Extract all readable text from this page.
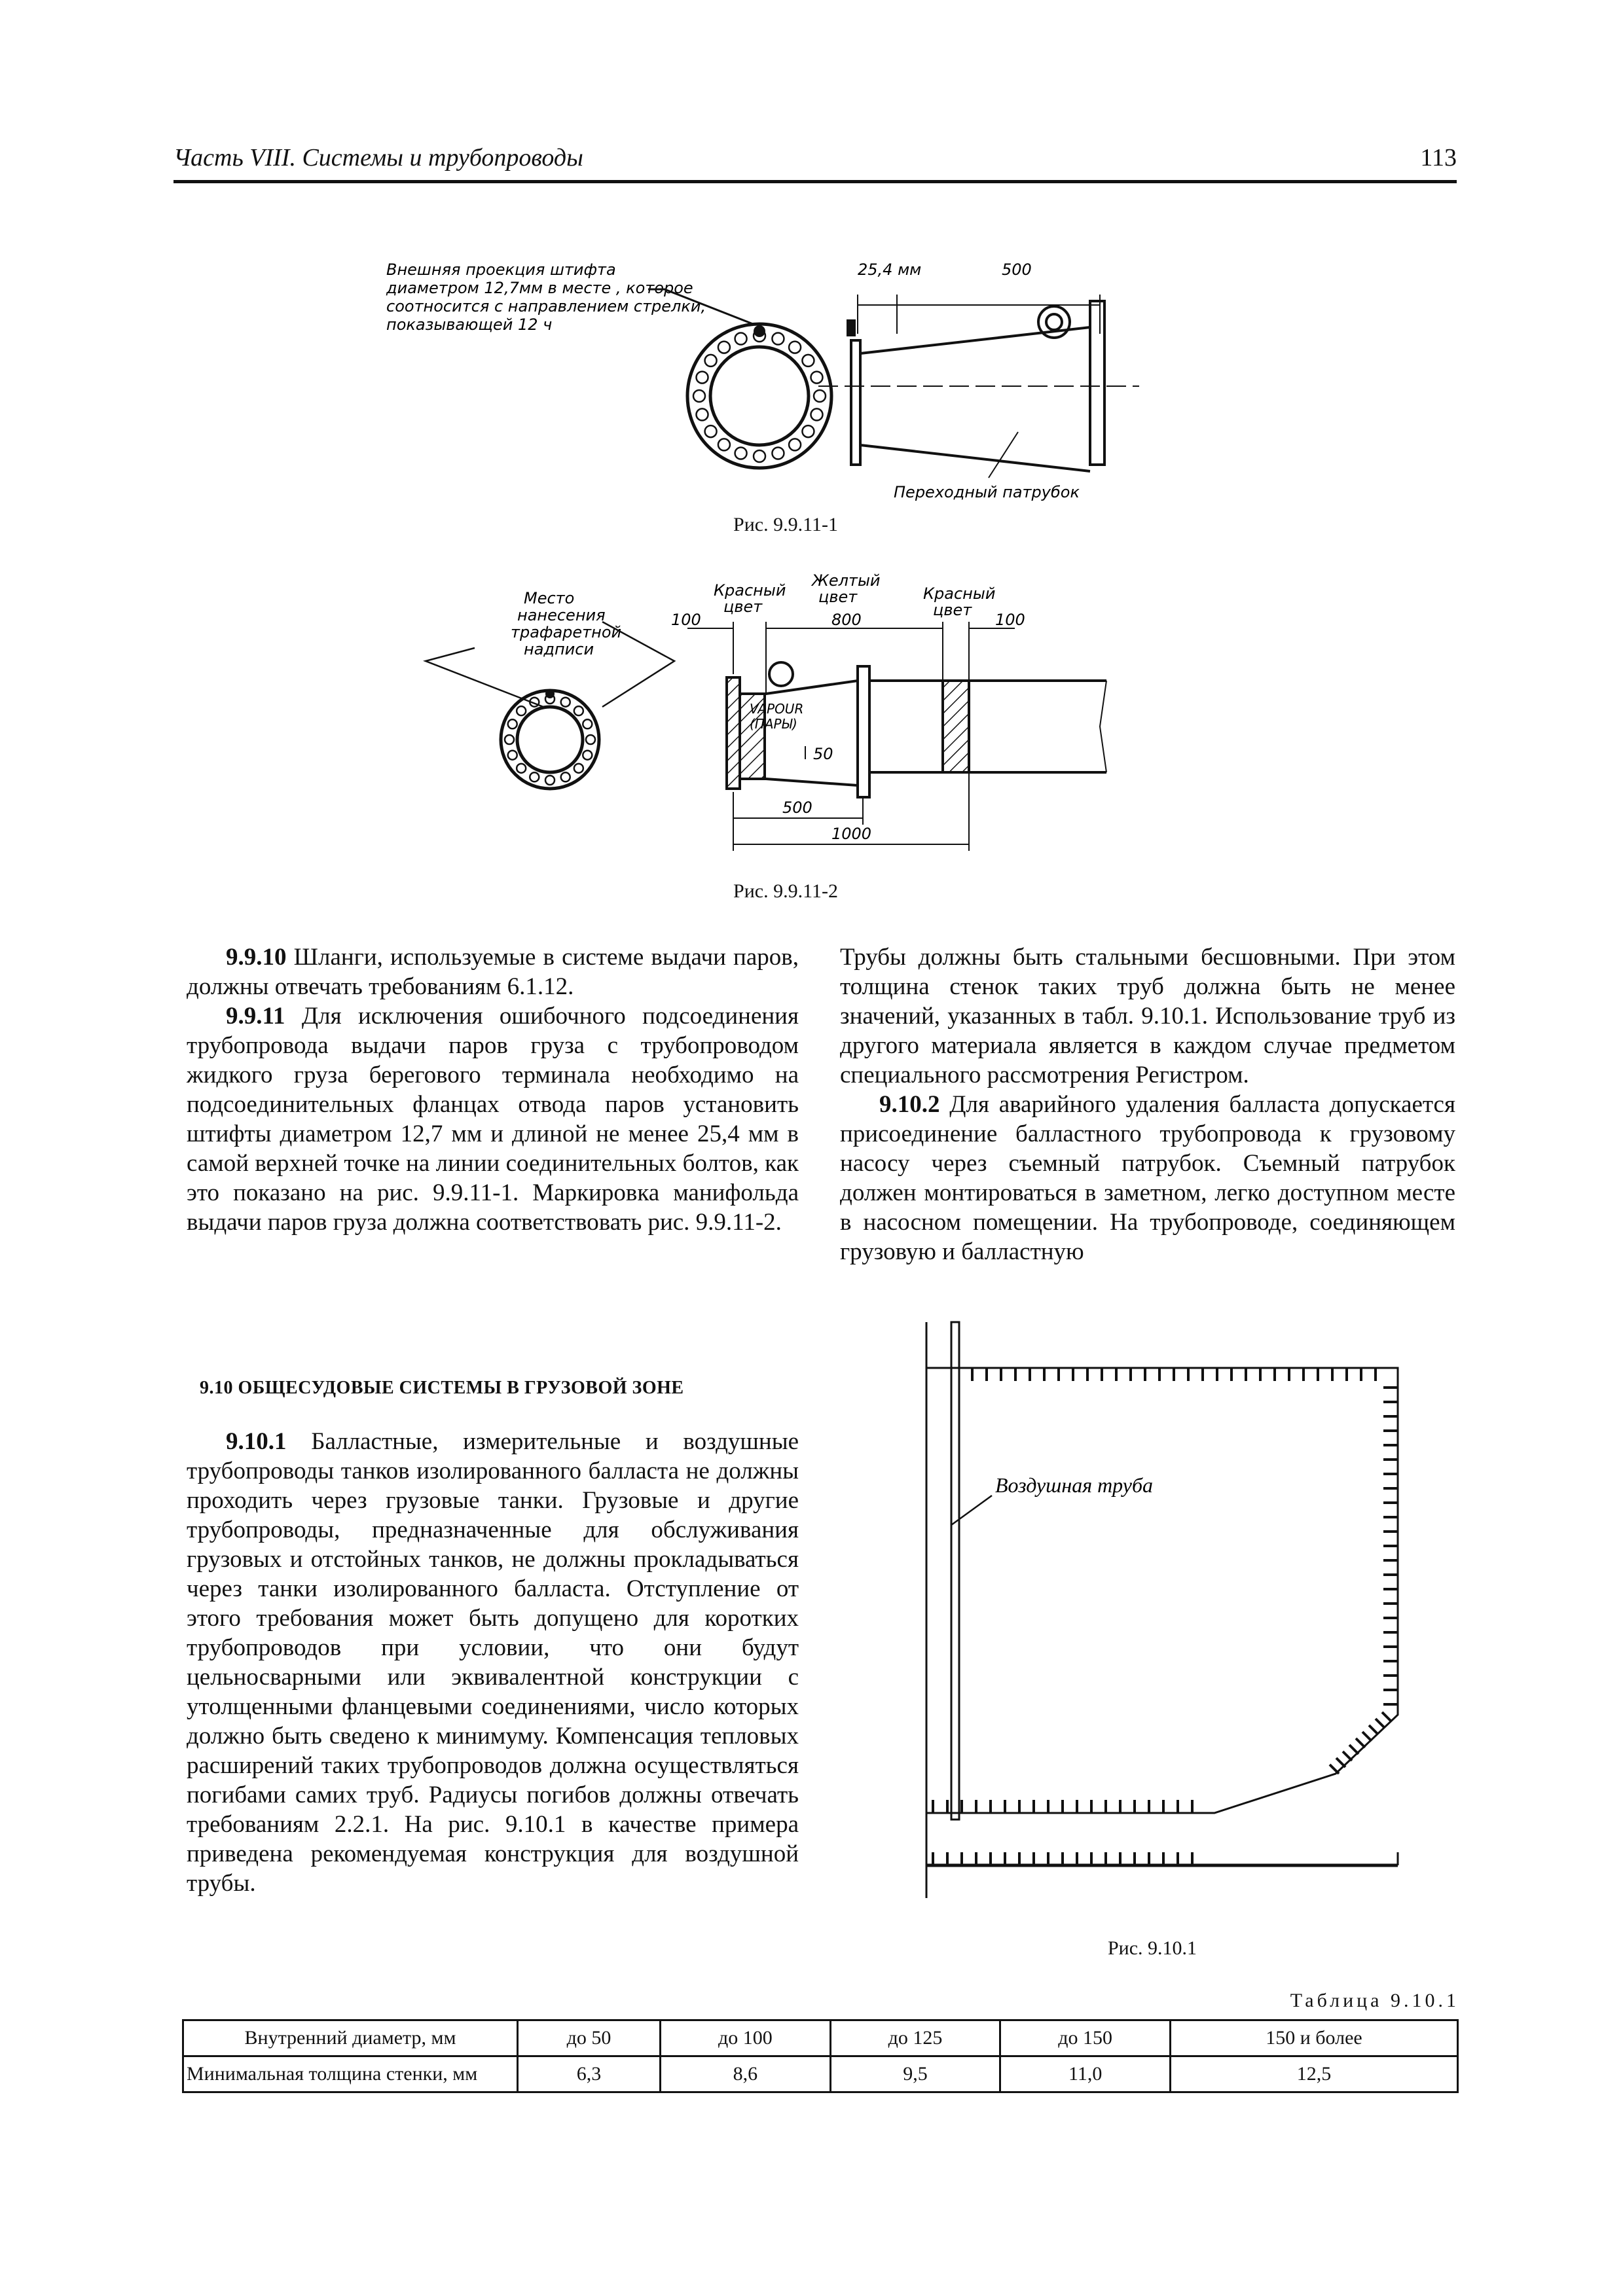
Часть VIII. Системы и трубопроводы	113
Внешняя проекция штифта
диаметром 12,7мм в месте , которое
соотносится с направлением стрелки,
показывающей 12 ч
25,4 мм	500
Переходный патрубок
Рис. 9.9.11-1
Место
нанесения
трафаретной
надписи
Красный
цвет
Желтый
цвет	Красный
цвет
100	800	100
VAPOUR
(ПАРЫ)
50
500
1000
Рис. 9.9.11-2

9.9.10 Шланги, используемые в системе выдачи паров, должны отвечать требованиям 6.1.12.

9.9.11 Для исключения ошибочного подсоединения трубопровода выдачи паров груза с трубопроводом жидкого груза берегового терминала необходимо на подсоединительных фланцах отвода паров установить штифты диаметром 12,7 мм и длиной не менее 25,4 мм в самой верхней точке на линии соединительных болтов, как это показано на рис. 9.9.11-1. Маркировка манифольда выдачи паров груза должна соответствовать рис. 9.9.11-2.

9.10 ОБЩЕСУДОВЫЕ СИСТЕМЫ В ГРУЗОВОЙ ЗОНЕ

9.10.1 Балластные, измерительные и воздушные трубопроводы танков изолированного балласта не должны проходить через грузовые танки. Грузовые и другие трубопроводы, предназначенные для обслуживания грузовых и отстойных танков, не должны прокладываться через танки изолированного балласта. Отступление от этого требования может быть допущено для коротких трубопроводов при условии, что они будут цельносварными или эквивалентной конструкции с утолщенными фланцевыми соединениями, число которых должно быть сведено к минимуму. Компенсация тепловых расширений таких трубопроводов должна осуществляться погибами самих труб. Радиусы погибов должны отвечать требованиям 2.2.1. На рис. 9.10.1 в качестве примера приведена рекомендуемая конструкция для воздушной трубы.

Трубы должны быть стальными бесшовными. При этом толщина стенок таких труб должна быть не менее значений, указанных в табл. 9.10.1. Использование труб из другого материала является в каждом случае предметом специального рассмотрения Регистром.

9.10.2 Для аварийного удаления балласта допускается присоединение балластного трубопровода к грузовому насосу через съемный патрубок. Съемный патрубок должен монтироваться в заметном, легко доступном месте в насосном помещении. На трубопроводе, соединяющем грузовую и балластную

Воздушная труба
Рис. 9.10.1
Таблица 9.10.1
Внутренний диаметр, мм	до 50	до 100	до 125	до 150	150 и более
Минимальная толщина стенки, мм	6,3	8,6	9,5	11,0	12,5
